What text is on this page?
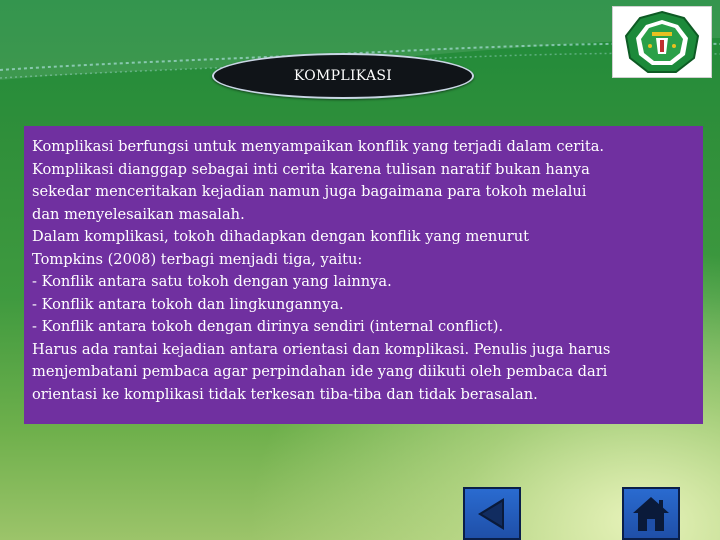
KOMPLIKASI

Komplikasi berfungsi untuk menyampaikan konflik yang terjadi dalam cerita.

Komplikasi dianggap sebagai inti cerita karena tulisan naratif bukan hanya

sekedar menceritakan kejadian namun juga bagaimana para tokoh melalui

dan menyelesaikan masalah.

Dalam komplikasi, tokoh dihadapkan dengan konflik yang menurut

Tompkins (2008) terbagi menjadi tiga, yaitu:

- Konflik antara satu tokoh dengan yang lainnya.

- Konflik antara tokoh dan lingkungannya.

- Konflik antara tokoh dengan dirinya sendiri (internal conflict).

Harus ada rantai kejadian antara orientasi dan komplikasi. Penulis juga harus

menjembatani pembaca agar perpindahan ide yang diikuti oleh pembaca dari

orientasi ke komplikasi tidak terkesan tiba-tiba dan tidak berasalan.
